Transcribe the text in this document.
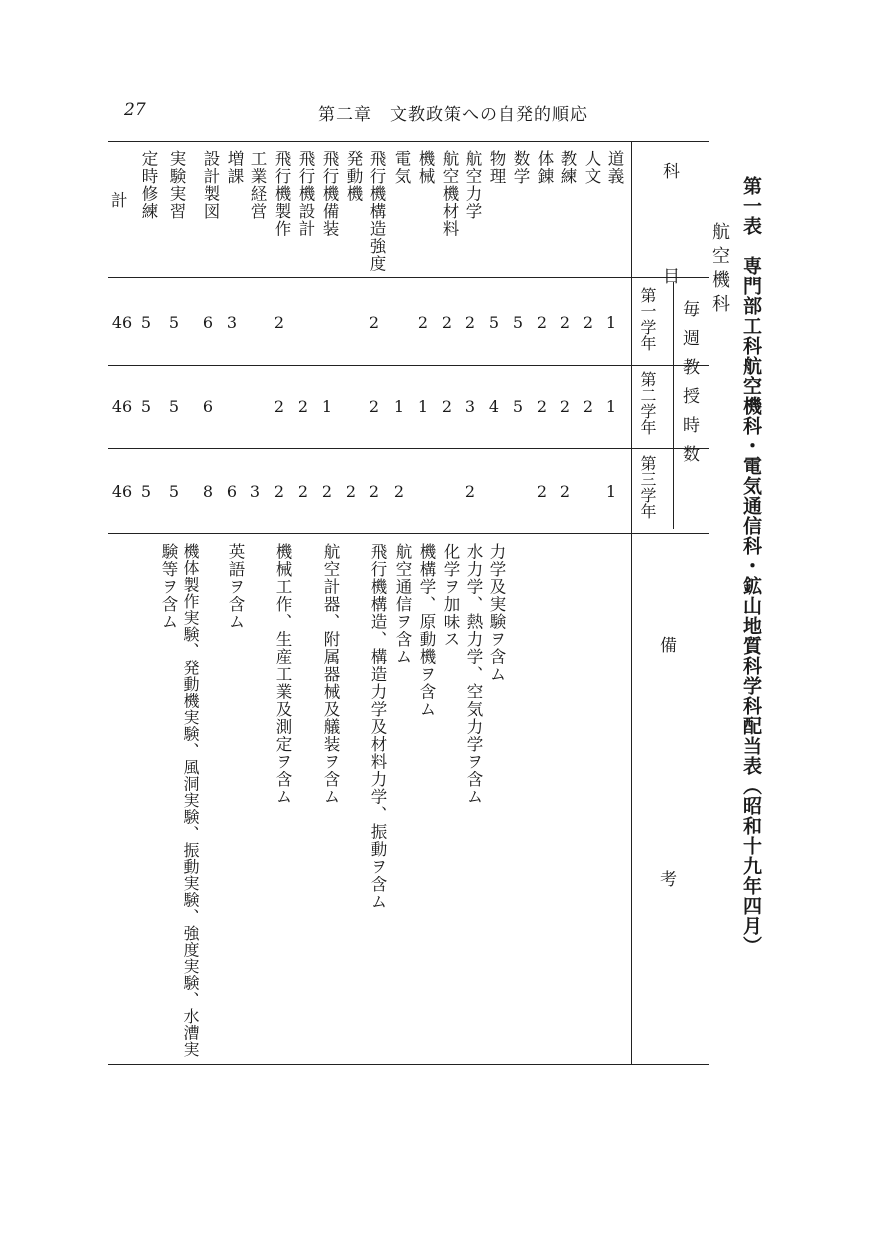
27	第二章　文教政策への自発的順応
第一表　専門部工科航空機科・電気通信科・鉱山地質科学科配当表（昭和十九年四月）
航空機科
科　　目
毎週教授時数
第一学年
第二学年
第三学年
備　　　　　　　　考
道義
人文
教練
体錬
数学
物理
航空力学
航空機材料
機械
電気
飛行機構造強度
発動機
飛行機備装
飛行機設計
飛行機製作
工業経営
増課
設計製図
実験実習
定時修練
計
1
2
2
2
5
5
2
2
2
2
2
3
6
5
5
46
1
2
2
2
5
4
3
2
1
1
2
1
2
2
6
5
5
46
1
2
2
2
2
2
2
2
2
2
3
6
8
5
5
46
力学及実験ヲ含ム
水力学、熱力学、空気力学ヲ含ム
化学ヲ加味ス
機構学、原動機ヲ含ム
航空通信ヲ含ム
飛行機構造、構造力学及材料力学、振動ヲ含ム
航空計器、附属器械及艤装ヲ含ム
機械工作、生産工業及測定ヲ含ム
英語ヲ含ム
機体製作実験、発動機実験、風洞実験、振動実験、強度実験、水漕実
験等ヲ含ム
